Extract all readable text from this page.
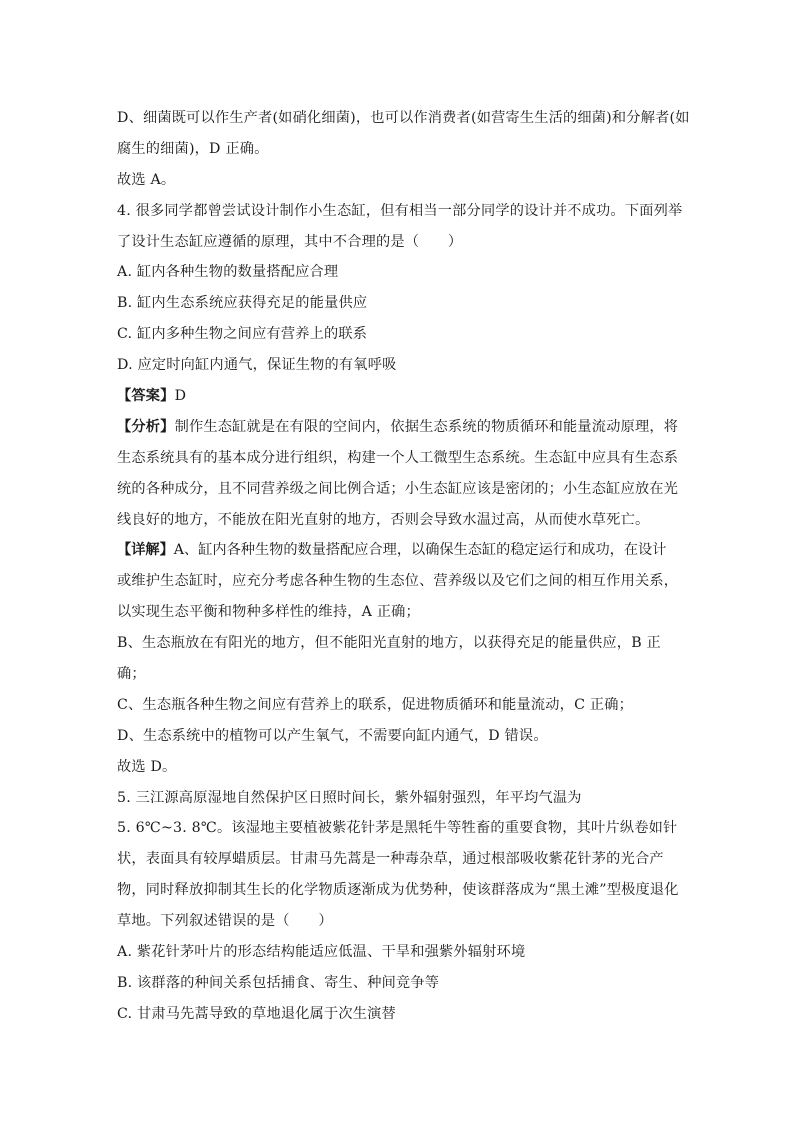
D、细菌既可以作生产者(如硝化细菌)，也可以作消费者(如营寄生生活的细菌)和分解者(如
腐生的细菌)，D 正确。
故选 A。
4. 很多同学都曾尝试设计制作小生态缸，但有相当一部分同学的设计并不成功。下面列举
了设计生态缸应遵循的原理，其中不合理的是（　　）
A. 缸内各种生物的数量搭配应合理
B. 缸内生态系统应获得充足的能量供应
C. 缸内多种生物之间应有营养上的联系
D. 应定时向缸内通气，保证生物的有氧呼吸
【答案】D
【分析】制作生态缸就是在有限的空间内，依据生态系统的物质循环和能量流动原理，将
生态系统具有的基本成分进行组织，构建一个人工微型生态系统。生态缸中应具有生态系
统的各种成分，且不同营养级之间比例合适；小生态缸应该是密闭的；小生态缸应放在光
线良好的地方，不能放在阳光直射的地方，否则会导致水温过高，从而使水草死亡。
【详解】A、缸内各种生物的数量搭配应合理，以确保生态缸的稳定运行和成功，在设计
或维护生态缸时，应充分考虑各种生物的生态位、营养级以及它们之间的相互作用关系，
以实现生态平衡和物种多样性的维持，A 正确；
B、生态瓶放在有阳光的地方，但不能阳光直射的地方，以获得充足的能量供应，B 正
确；
C、生态瓶各种生物之间应有营养上的联系，促进物质循环和能量流动，C 正确；
D、生态系统中的植物可以产生氧气，不需要向缸内通气，D 错误。
故选 D。
5. 三江源高原湿地自然保护区日照时间长，紫外辐射强烈，年平均气温为
5. 6℃~3. 8℃。该湿地主要植被紫花针茅是黑牦牛等牲畜的重要食物，其叶片纵卷如针
状，表面具有较厚蜡质层。甘肃马先蒿是一种毒杂草，通过根部吸收紫花针茅的光合产
物，同时释放抑制其生长的化学物质逐渐成为优势种，使该群落成为“黑土滩”型极度退化
草地。下列叙述错误的是（　　）
A. 紫花针茅叶片的形态结构能适应低温、干旱和强紫外辐射环境
B. 该群落的种间关系包括捕食、寄生、种间竞争等
C. 甘肃马先蒿导致的草地退化属于次生演替
